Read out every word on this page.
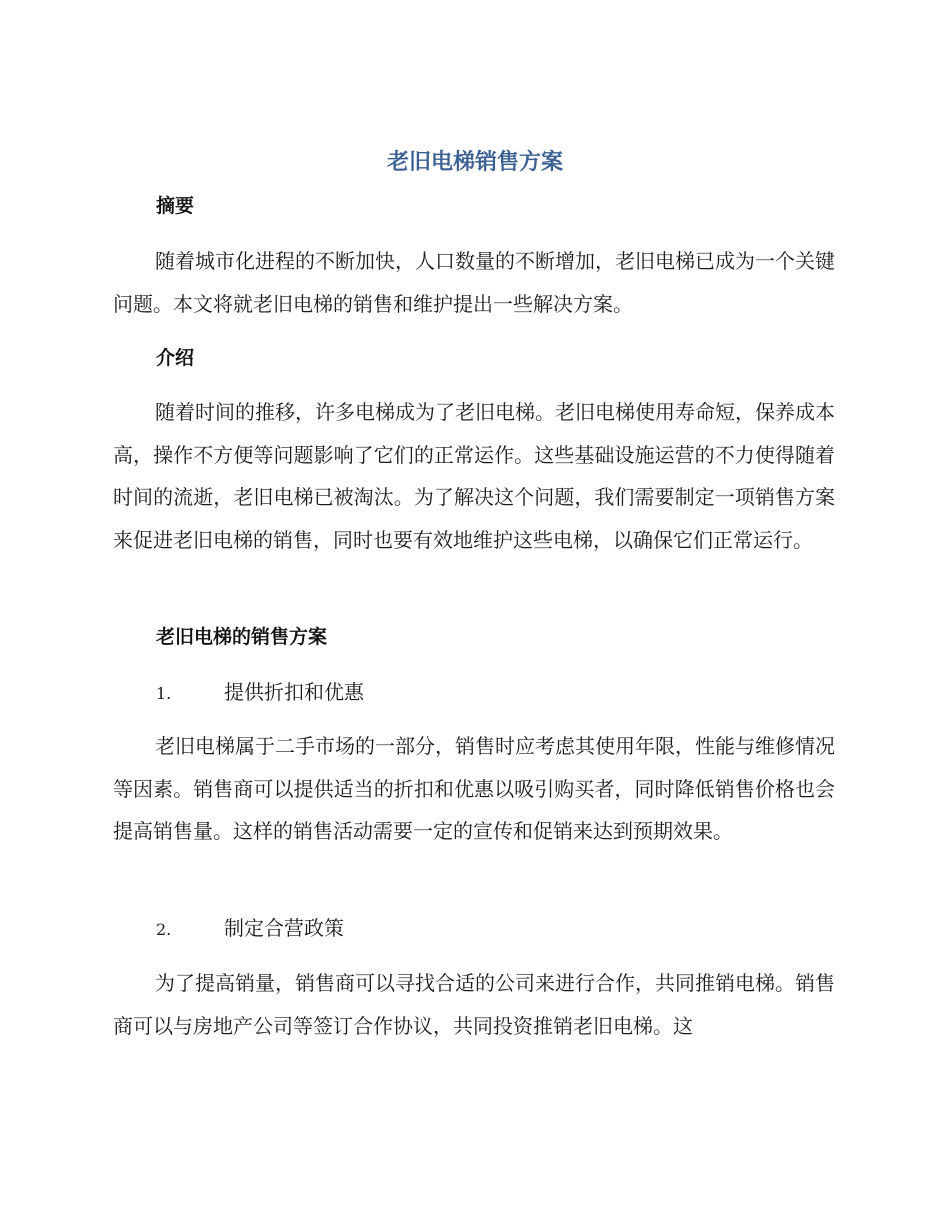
老旧电梯销售方案
摘要
随着城市化进程的不断加快，人口数量的不断增加，老旧电梯已成为一个关键问题。本文将就老旧电梯的销售和维护提出一些解决方案。
介绍
随着时间的推移，许多电梯成为了老旧电梯。老旧电梯使用寿命短，保养成本高，操作不方便等问题影响了它们的正常运作。这些基础设施运营的不力使得随着时间的流逝，老旧电梯已被淘汰。为了解决这个问题，我们需要制定一项销售方案来促进老旧电梯的销售，同时也要有效地维护这些电梯，以确保它们正常运行。
老旧电梯的销售方案
1.	提供折扣和优惠
老旧电梯属于二手市场的一部分，销售时应考虑其使用年限，性能与维修情况等因素。销售商可以提供适当的折扣和优惠以吸引购买者，同时降低销售价格也会提高销售量。这样的销售活动需要一定的宣传和促销来达到预期效果。
2.	制定合营政策
为了提高销量，销售商可以寻找合适的公司来进行合作，共同推销电梯。销售商可以与房地产公司等签订合作协议，共同投资推销老旧电梯。这
